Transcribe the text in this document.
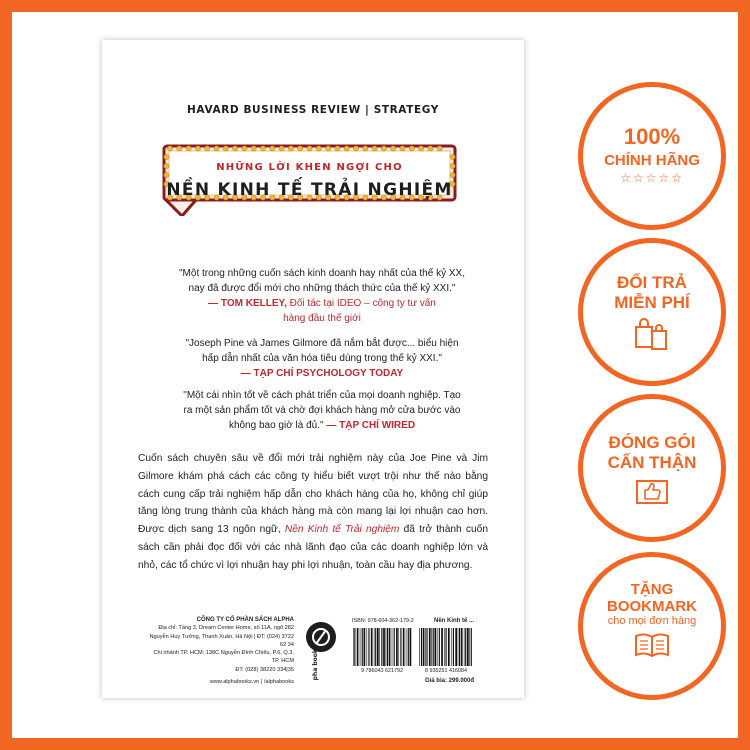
HAVARD BUSINESS REVIEW | STRATEGY
NHỮNG LỜI KHEN NGỢI CHO
NỀN KINH TẾ TRẢI NGHIỆM
"Một trong những cuốn sách kinh doanh hay nhất của thế kỷ XX,
nay đã được đổi mới cho những thách thức của thế kỷ XXI."
— TOM KELLEY, Đối tác tại IDEO – công ty tư vấn
hàng đầu thế giới
"Joseph Pine và James Gilmore đã nắm bắt được... biểu hiện
hấp dẫn nhất của văn hóa tiêu dùng trong thế kỷ XXI."
— TẠP CHÍ PSYCHOLOGY TODAY
"Một cái nhìn tốt về cách phát triển của mọi doanh nghiệp. Tạo
ra một sản phẩm tốt và chờ đợi khách hàng mở cửa bước vào
không bao giờ là đủ." — TẠP CHÍ WIRED
Cuốn sách chuyên sâu về đổi mới trải nghiệm này của Joe Pine và Jim Gilmore khám phá cách các công ty hiểu biết vượt trội như thế nào bằng cách cung cấp trải nghiệm hấp dẫn cho khách hàng của họ, không chỉ giúp tăng lòng trung thành của khách hàng mà còn mang lại lợi nhuận cao hơn. Được dịch sang 13 ngôn ngữ, Nền Kinh tế Trải nghiệm đã trở thành cuốn sách cần phải đọc đối với các nhà lãnh đạo của các doanh nghiệp lớn và nhỏ, các tổ chức vì lợi nhuận hay phi lợi nhuận, toàn cầu hay địa phương.
CÔNG TY CỔ PHẦN SÁCH ALPHA
Địa chỉ: Tầng 3, Dream Center Home, số 11A, ngõ 282
Nguyễn Huy Tưởng, Thanh Xuân, Hà Nội | ĐT: (024) 3722 62 34
Chi nhánh TP. HCM: 138C Nguyễn Đình Chiểu, P.6, Q.3, TP. HCM
ĐT: (028) 38220 334|35
www.alphabooks.vn | /alphabooks	alpha books
ISBN: 978-604-362-179-2	Nền Kinh tế ...
9 786043 621792	8 935251 416084
Giá bìa: 299.000đ
100%
CHÍNH HÃNG
☆☆☆☆☆
ĐỔI TRẢ
MIỄN PHÍ
ĐÓNG GÓI
CẨN THẬN
TẶNG
BOOKMARK
cho mọi đơn hàng
